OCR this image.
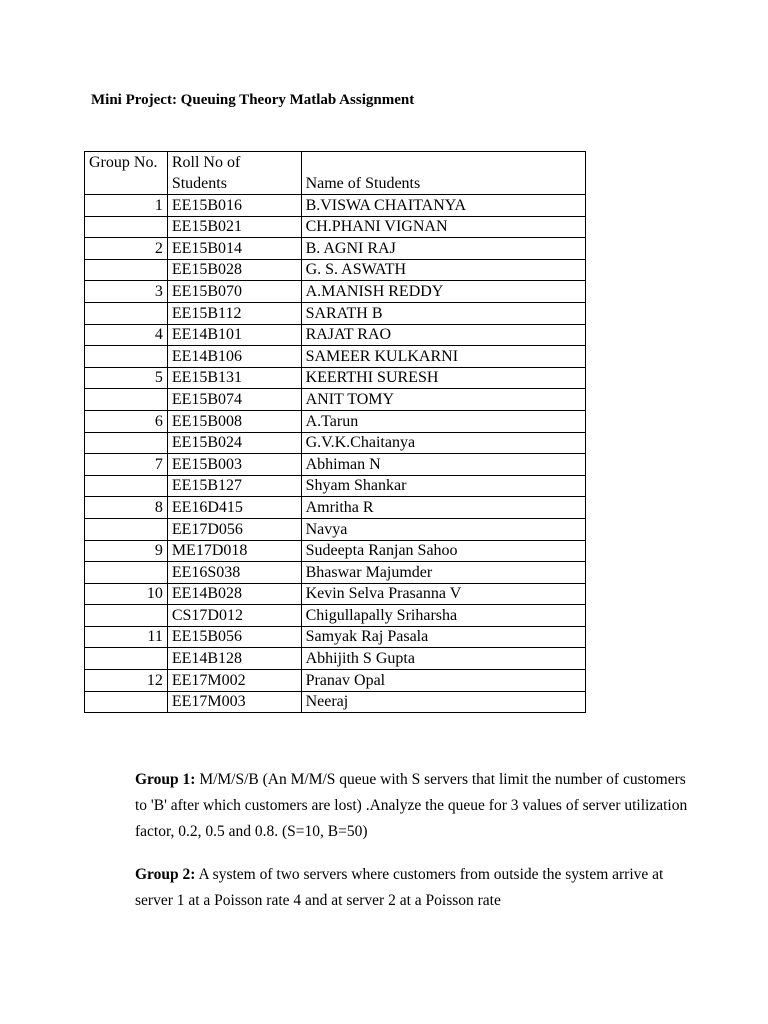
Mini Project: Queuing Theory Matlab Assignment
Group No.	Roll No of Students	Name of Students
1	EE15B016	B.VISWA CHAITANYA
	EE15B021	CH.PHANI VIGNAN
2	EE15B014	B. AGNI RAJ
	EE15B028	G. S. ASWATH
3	EE15B070	A.MANISH REDDY
	EE15B112	SARATH B
4	EE14B101	RAJAT RAO
	EE14B106	SAMEER KULKARNI
5	EE15B131	KEERTHI SURESH
	EE15B074	ANIT TOMY
6	EE15B008	A.Tarun
	EE15B024	G.V.K.Chaitanya
7	EE15B003	Abhiman N
	EE15B127	Shyam Shankar
8	EE16D415	Amritha R
	EE17D056	Navya
9	ME17D018	Sudeepta Ranjan Sahoo
	EE16S038	Bhaswar Majumder
10	EE14B028	Kevin Selva Prasanna V
	CS17D012	Chigullapally Sriharsha
11	EE15B056	Samyak Raj Pasala
	EE14B128	Abhijith S Gupta
12	EE17M002	Pranav Opal
	EE17M003	Neeraj
Group 1: M/M/S/B (An M/M/S queue with S servers that limit the number of customers to 'B' after which customers are lost) .Analyze the queue for 3 values of server utilization factor, 0.2, 0.5 and 0.8. (S=10, B=50)
Group 2: A system of two servers where customers from outside the system arrive at server 1 at a Poisson rate 4 and at server 2 at a Poisson rate
